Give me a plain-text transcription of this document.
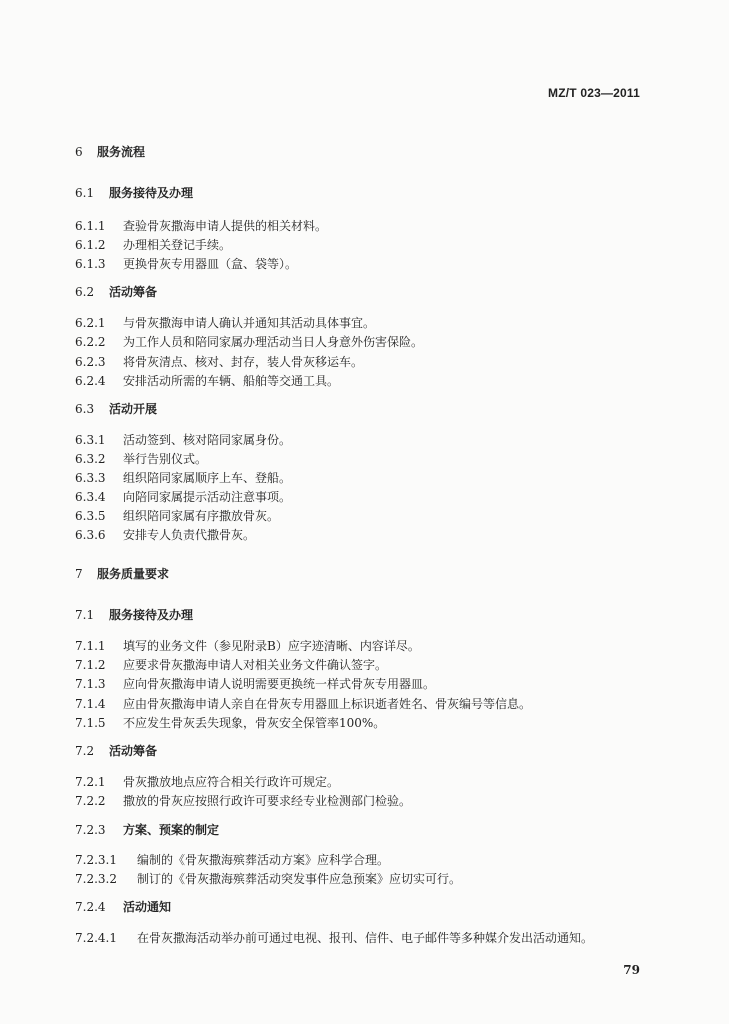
MZ/T 023—2011
6 服务流程
6.1 服务接待及办理
6.1.1 查验骨灰撒海申请人提供的相关材料。
6.1.2 办理相关登记手续。
6.1.3 更换骨灰专用器皿（盒、袋等）。
6.2 活动筹备
6.2.1 与骨灰撒海申请人确认并通知其活动具体事宜。
6.2.2 为工作人员和陪同家属办理活动当日人身意外伤害保险。
6.2.3 将骨灰清点、核对、封存，装人骨灰移运车。
6.2.4 安排活动所需的车辆、船舶等交通工具。
6.3 活动开展
6.3.1 活动签到、核对陪同家属身份。
6.3.2 举行告别仪式。
6.3.3 组织陪同家属顺序上车、登船。
6.3.4 向陪同家属提示活动注意事项。
6.3.5 组织陪同家属有序撒放骨灰。
6.3.6 安排专人负责代撒骨灰。
7 服务质量要求
7.1 服务接待及办理
7.1.1 填写的业务文件（参见附录B）应字迹清晰、内容详尽。
7.1.2 应要求骨灰撒海申请人对相关业务文件确认签字。
7.1.3 应向骨灰撒海申请人说明需要更换统一样式骨灰专用器皿。
7.1.4 应由骨灰撒海申请人亲自在骨灰专用器皿上标识逝者姓名、骨灰编号等信息。
7.1.5 不应发生骨灰丢失现象，骨灰安全保管率100%。
7.2 活动筹备
7.2.1 骨灰撒放地点应符合相关行政许可规定。
7.2.2 撒放的骨灰应按照行政许可要求经专业检测部门检验。
7.2.3 方案、预案的制定
7.2.3.1 编制的《骨灰撒海殡葬活动方案》应科学合理。
7.2.3.2 制订的《骨灰撒海殡葬活动突发事件应急预案》应切实可行。
7.2.4 活动通知
7.2.4.1 在骨灰撒海活动举办前可通过电视、报刊、信件、电子邮件等多种媒介发出活动通知。
79
